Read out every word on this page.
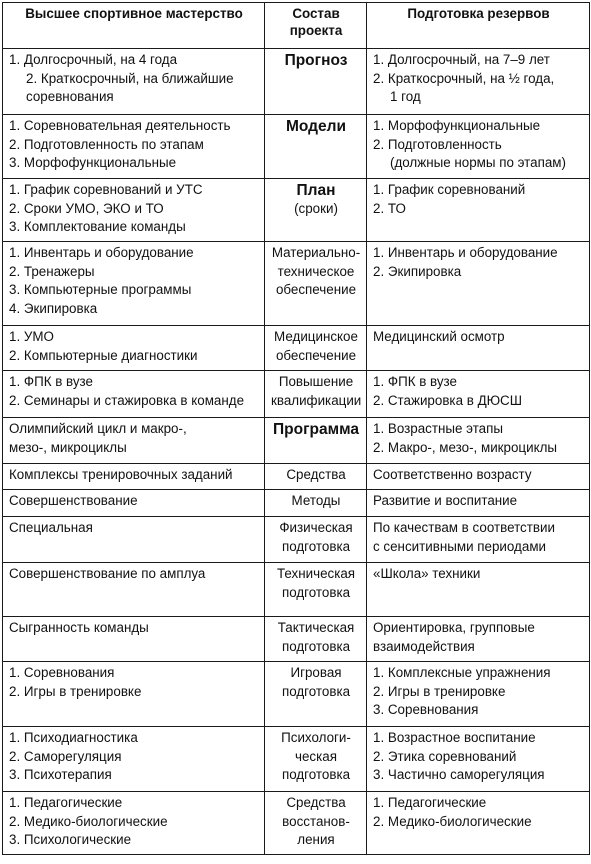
Высшее спортивное мастерство	Состав
проекта	Подготовка резервов

1. Долгосрочный, на 4 года
2. Краткосрочный, на ближайшие
соревнования	Прогноз	1. Долгосрочный, на 7–9 лет
2. Краткосрочный, на ½ года,
1 год

1. Соревновательная деятельность
2. Подготовленность по этапам
3. Морфофункциональные	Модели	1. Морфофункциональные
2. Подготовленность
(должные нормы по этапам)

1. График соревнований и УТС
2. Сроки УМО, ЭКО и ТО
3. Комплектование команды	План
(сроки)	1. График соревнований
2. ТО

1. Инвентарь и оборудование
2. Тренажеры
3. Компьютерные программы
4. Экипировка	Материально-
техническое
обеспечение	1. Инвентарь и оборудование
2. Экипировка

1. УМО
2. Компьютерные диагностики	Медицинское
обеспечение	Медицинский осмотр

1. ФПК в вузе
2. Семинары и стажировка в команде	Повышение
квалификации	1. ФПК в вузе
2. Стажировка в ДЮСШ

Олимпийский цикл и макро-,
мезо-, микроциклы	Программа	1. Возрастные этапы
2. Макро-, мезо-, микроциклы

Комплексы тренировочных заданий	Средства	Соответственно возрасту

Совершенствование	Методы	Развитие и воспитание

Специальная	Физическая
подготовка	По качествам в соответствии
с сенситивными периодами

Совершенствование по амплуа	Техническая
подготовка	«Школа» техники

Сыгранность команды	Тактическая
подготовка	Ориентировка, групповые
взаимодействия

1. Соревнования
2. Игры в тренировке	Игровая
подготовка	1. Комплексные упражнения
2. Игры в тренировке
3. Соревнования

1. Психодиагностика
2. Саморегуляция
3. Психотерапия	Психологи-
ческая
подготовка	1. Возрастное воспитание
2. Этика соревнований
3. Частично саморегуляция

1. Педагогические
2. Медико-биологические
3. Психологические	Средства
восстанов-
ления	1. Педагогические
2. Медико-биологические
